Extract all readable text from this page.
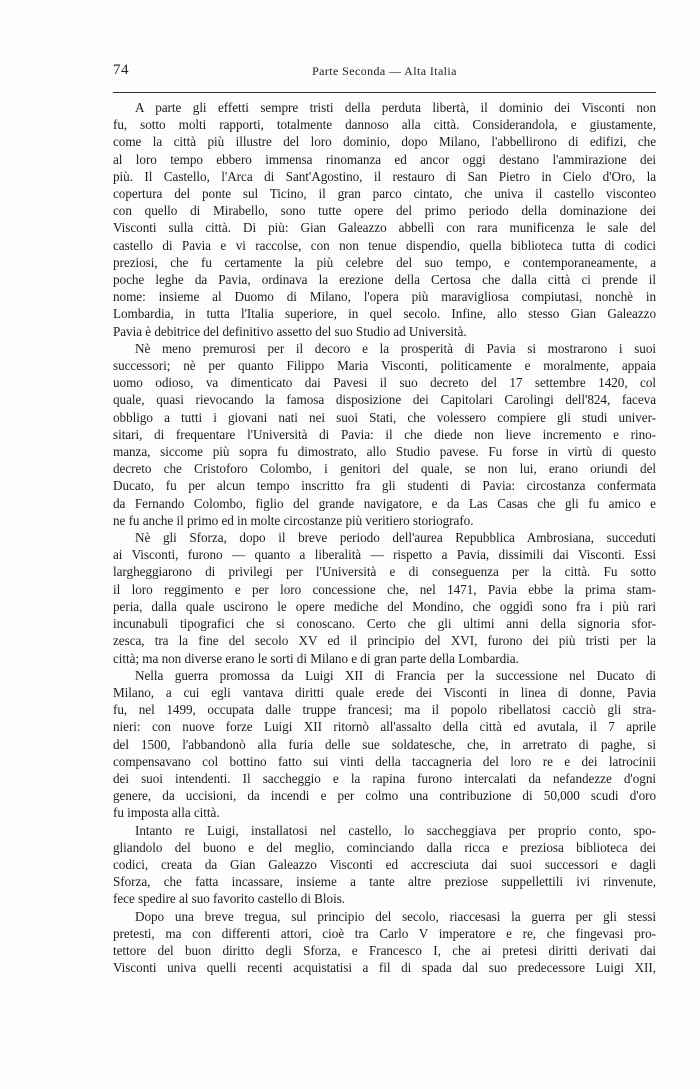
74	Parte Seconda — Alta Italia

A parte gli effetti sempre tristi della perduta libertà, il dominio dei Visconti non
fu, sotto molti rapporti, totalmente dannoso alla città. Considerandola, e giustamente,
come la città più illustre del loro dominio, dopo Milano, l'abbellirono di edifizi, che
al loro tempo ebbero immensa rinomanza ed ancor oggi destano l'ammirazione dei
più. Il Castello, l'Arca di Sant'Agostino, il restauro di San Pietro in Cielo d'Oro, la
copertura del ponte sul Ticino, il gran parco cintato, che univa il castello visconteo
con quello di Mirabello, sono tutte opere del primo periodo della dominazione dei
Visconti sulla città. Di più: Gian Galeazzo abbellì con rara munificenza le sale del
castello di Pavia e vi raccolse, con non tenue dispendio, quella biblioteca tutta di codici
preziosi, che fu certamente la più celebre del suo tempo, e contemporaneamente, a
poche leghe da Pavia, ordinava la erezione della Certosa che dalla città ci prende il
nome: insieme al Duomo di Milano, l'opera più maravigliosa compiutasi, nonchè in
Lombardia, in tutta l'Italia superiore, in quel secolo. Infine, allo stesso Gian Galeazzo
Pavia è debitrice del definitivo assetto del suo Studio ad Università.

Nè meno premurosi per il decoro e la prosperità di Pavia si mostrarono i suoi
successori; nè per quanto Filippo Maria Visconti, politicamente e moralmente, appaia
uomo odioso, va dimenticato dai Pavesi il suo decreto del 17 settembre 1420, col
quale, quasi rievocando la famosa disposizione dei Capitolari Carolingi dell'824, faceva
obbligo a tutti i giovani nati nei suoi Stati, che volessero compiere gli studi univer-
sitari, di frequentare l'Università di Pavia: il che diede non lieve incremento e rino-
manza, siccome più sopra fu dimostrato, allo Studio pavese. Fu forse in virtù di questo
decreto che Cristoforo Colombo, i genitori del quale, se non lui, erano oriundi del
Ducato, fu per alcun tempo inscritto fra gli studenti di Pavia: circostanza confermata
da Fernando Colombo, figlio del grande navigatore, e da Las Casas che gli fu amico e
ne fu anche il primo ed in molte circostanze più veritiero storiografo.

Nè gli Sforza, dopo il breve periodo dell'aurea Repubblica Ambrosiana, succeduti
ai Visconti, furono — quanto a liberalità — rispetto a Pavia, dissimili dai Visconti. Essi
largheggiarono di privilegi per l'Università e di conseguenza per la città. Fu sotto
il loro reggimento e per loro concessione che, nel 1471, Pavia ebbe la prima stam-
peria, dalla quale uscirono le opere mediche del Mondino, che oggidì sono fra i più rari
incunabuli tipografici che si conoscano. Certo che gli ultimi anni della signoria sfor-
zesca, tra la fine del secolo XV ed il principio del XVI, furono dei più tristi per la
città; ma non diverse erano le sorti di Milano e di gran parte della Lombardia.

Nella guerra promossa da Luigi XII di Francia per la successione nel Ducato di
Milano, a cui egli vantava diritti quale erede dei Visconti in linea di donne, Pavia
fu, nel 1499, occupata dalle truppe francesi; ma il popolo ribellatosi cacciò gli stra-
nieri: con nuove forze Luigi XII ritornò all'assalto della città ed avutala, il 7 aprile
del 1500, l'abbandonò alla furia delle sue soldatesche, che, in arretrato di paghe, si
compensavano col bottino fatto sui vinti della taccagneria del loro re e dei latrocinii
dei suoi intendenti. Il saccheggio e la rapina furono intercalati da nefandezze d'ogni
genere, da uccisioni, da incendi e per colmo una contribuzione di 50,000 scudi d'oro
fu imposta alla città.

Intanto re Luigi, installatosi nel castello, lo saccheggiava per proprio conto, spo-
gliandolo del buono e del meglio, cominciando dalla ricca e preziosa biblioteca dei
codici, creata da Gian Galeazzo Visconti ed accresciuta dai suoi successori e dagli
Sforza, che fatta incassare, insieme a tante altre preziose suppellettili ivi rinvenute,
fece spedire al suo favorito castello di Blois.

Dopo una breve tregua, sul principio del secolo, riaccesasi la guerra per gli stessi
pretesti, ma con differenti attori, cioè tra Carlo V imperatore e re, che fingevasi pro-
tettore del buon diritto degli Sforza, e Francesco I, che ai pretesi diritti derivati dai
Visconti univa quelli recenti acquistatisi a fil di spada dal suo predecessore Luigi XII,
